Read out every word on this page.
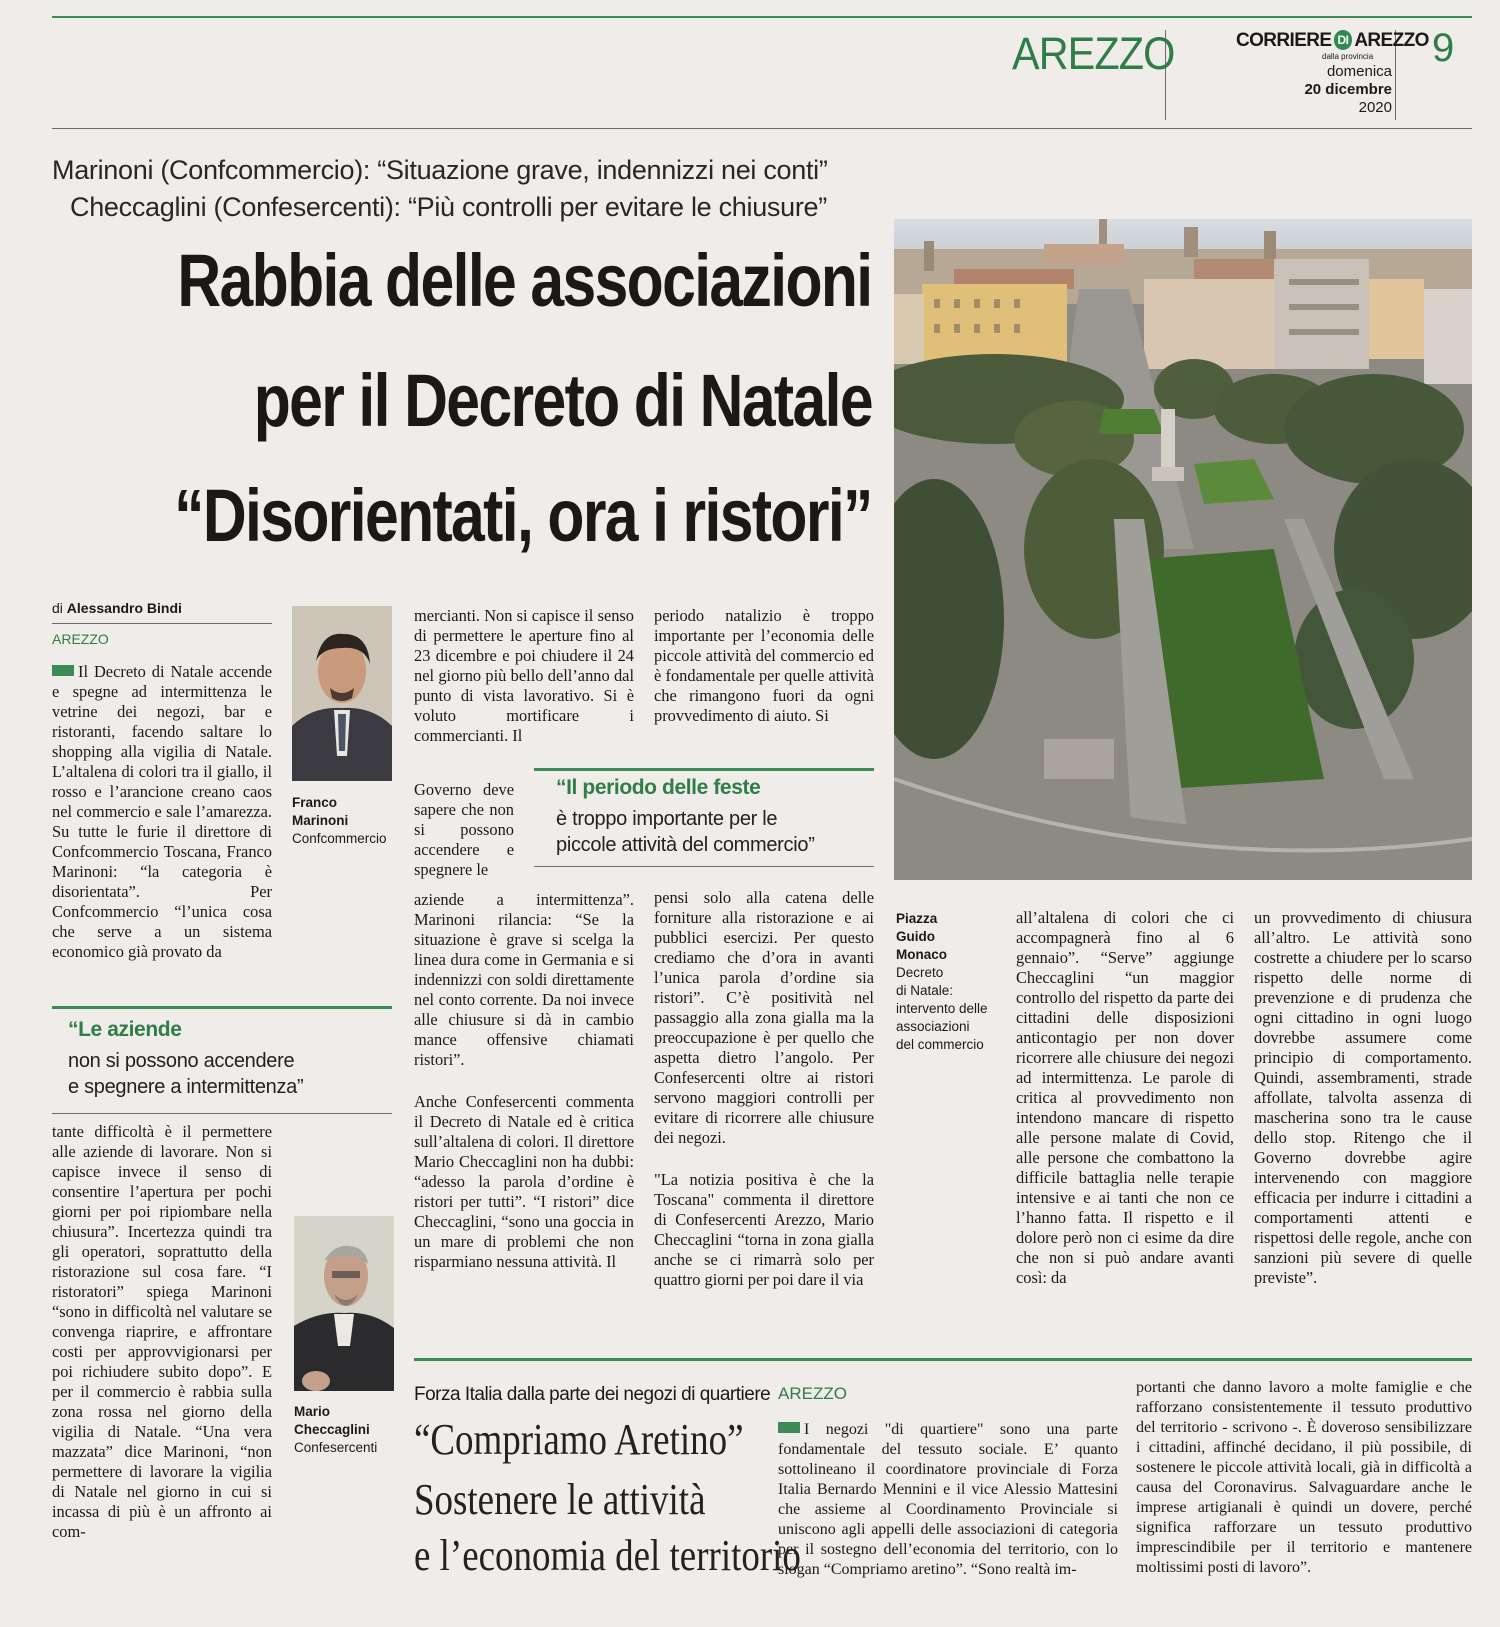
AREZZO	CORRIERE DI AREZZO
dalla provincia
domenica
20 dicembre
2020
9
Marinoni (Confcommercio): “Situazione grave, indennizzi nei conti”
Checcaglini (Confesercenti): “Più controlli per evitare le chiusure”
Rabbia delle associazioni
per il Decreto di Natale
“Disorientati, ora i ristori”
di Alessandro Bindi
AREZZO
Il Decreto di Natale accende e spegne ad intermittenza le vetrine dei negozi, bar e ristoranti, facendo saltare lo shopping alla vigilia di Natale. L’altalena di colori tra il giallo, il rosso e l’arancione creano caos nel commercio e sale l’amarezza. Su tutte le furie il direttore di Confcommercio Toscana, Franco Marinoni: “la categoria è disorientata”. Per Confcommercio “l’unica cosa che serve a un sistema economico già provato da
“Le aziende
non si possono accendere
e spegnere a intermittenza”
tante difficoltà è il permettere alle aziende di lavorare. Non si capisce invece il senso di consentire l’apertura per pochi giorni per poi ripiombare nella chiusura”. Incertezza quindi tra gli operatori, soprattutto della ristorazione sul cosa fare. “I ristoratori” spiega Marinoni “sono in difficoltà nel valutare se convenga riaprire, e affrontare costi per approvvigionarsi per poi richiudere subito dopo”. E per il commercio è rabbia sulla zona rossa nel giorno della vigilia di Natale. “Una vera mazzata” dice Marinoni, “non permettere di lavorare la vigilia di Natale nel giorno in cui si incassa di più è un affronto ai com-
Franco
Marinoni
Confcommercio
Mario
Checcaglini
Confesercenti
mercianti. Non si capisce il senso di permettere le aperture fino al 23 dicembre e poi chiudere il 24 nel giorno più bello dell’anno dal punto di vista lavorativo. Si è voluto mortificare i commercianti. Il
Governo deve sapere che non si possono accendere e spegnere le
aziende a intermittenza”. Marinoni rilancia: “Se la situazione è grave si scelga la linea dura come in Germania e si indennizzi con soldi direttamente nel conto corrente. Da noi invece alle chiusure si dà in cambio mance offensive chiamati ristori”.
Anche Confesercenti commenta il Decreto di Natale ed è critica sull’altalena di colori. Il direttore Mario Checcaglini non ha dubbi: “adesso la parola d’ordine è ristori per tutti”. “I ristori” dice Checcaglini, “sono una goccia in un mare di problemi che non risparmiano nessuna attività. Il
periodo natalizio è troppo importante per l’economia delle piccole attività del commercio ed è fondamentale per quelle attività che rimangono fuori da ogni provvedimento di aiuto. Si
“Il periodo delle feste
è troppo importante per le
piccole attività del commercio”
pensi solo alla catena delle forniture alla ristorazione e ai pubblici esercizi. Per questo crediamo che d’ora in avanti l’unica parola d’ordine sia ristori”. C’è positività nel passaggio alla zona gialla ma la preoccupazione è per quello che aspetta dietro l’angolo. Per Confesercenti oltre ai ristori servono maggiori controlli per evitare di ricorrere alle chiusure dei negozi.
"La notizia positiva è che la Toscana" commenta il direttore di Confesercenti Arezzo, Mario Checcaglini “torna in zona gialla anche se ci rimarrà solo per quattro giorni per poi dare il via
Piazza
Guido
Monaco
Decreto
di Natale:
intervento delle
associazioni
del commercio
all’altalena di colori che ci accompagnerà fino al 6 gennaio”. “Serve” aggiunge Checcaglini “un maggior controllo del rispetto da parte dei cittadini delle disposizioni anticontagio per non dover ricorrere alle chiusure dei negozi ad intermittenza. Le parole di critica al provvedimento non intendono mancare di rispetto alle persone malate di Covid, alle persone che combattono la difficile battaglia nelle terapie intensive e ai tanti che non ce l’hanno fatta. Il rispetto e il dolore però non ci esime da dire che non si può andare avanti così: da
un provvedimento di chiusura all’altro. Le attività sono costrette a chiudere per lo scarso rispetto delle norme di prevenzione e di prudenza che ogni cittadino in ogni luogo dovrebbe assumere come principio di comportamento. Quindi, assembramenti, strade affollate, talvolta assenza di mascherina sono tra le cause dello stop. Ritengo che il Governo dovrebbe agire intervenendo con maggiore efficacia per indurre i cittadini a comportamenti attenti e rispettosi delle regole, anche con sanzioni più severe di quelle previste”.
Forza Italia dalla parte dei negozi di quartiere
“Compriamo Aretino”
Sostenere le attività
e l’economia del territorio
AREZZO
I negozi "di quartiere" sono una parte fondamentale del tessuto sociale. E’ quanto sottolineano il coordinatore provinciale di Forza Italia Bernardo Mennini e il vice Alessio Mattesini che assieme al Coordinamento Provinciale si uniscono agli appelli delle associazioni di categoria per il sostegno dell’economia del territorio, con lo slogan “Compriamo aretino”. “Sono realtà im-
portanti che danno lavoro a molte famiglie e che rafforzano consistentemente il tessuto produttivo del territorio - scrivono -. È doveroso sensibilizzare i cittadini, affinché decidano, il più possibile, di sostenere le piccole attività locali, già in difficoltà a causa del Coronavirus. Salvaguardare anche le imprese artigianali è quindi un dovere, perché significa rafforzare un tessuto produttivo imprescindibile per il territorio e mantenere moltissimi posti di lavoro”.
